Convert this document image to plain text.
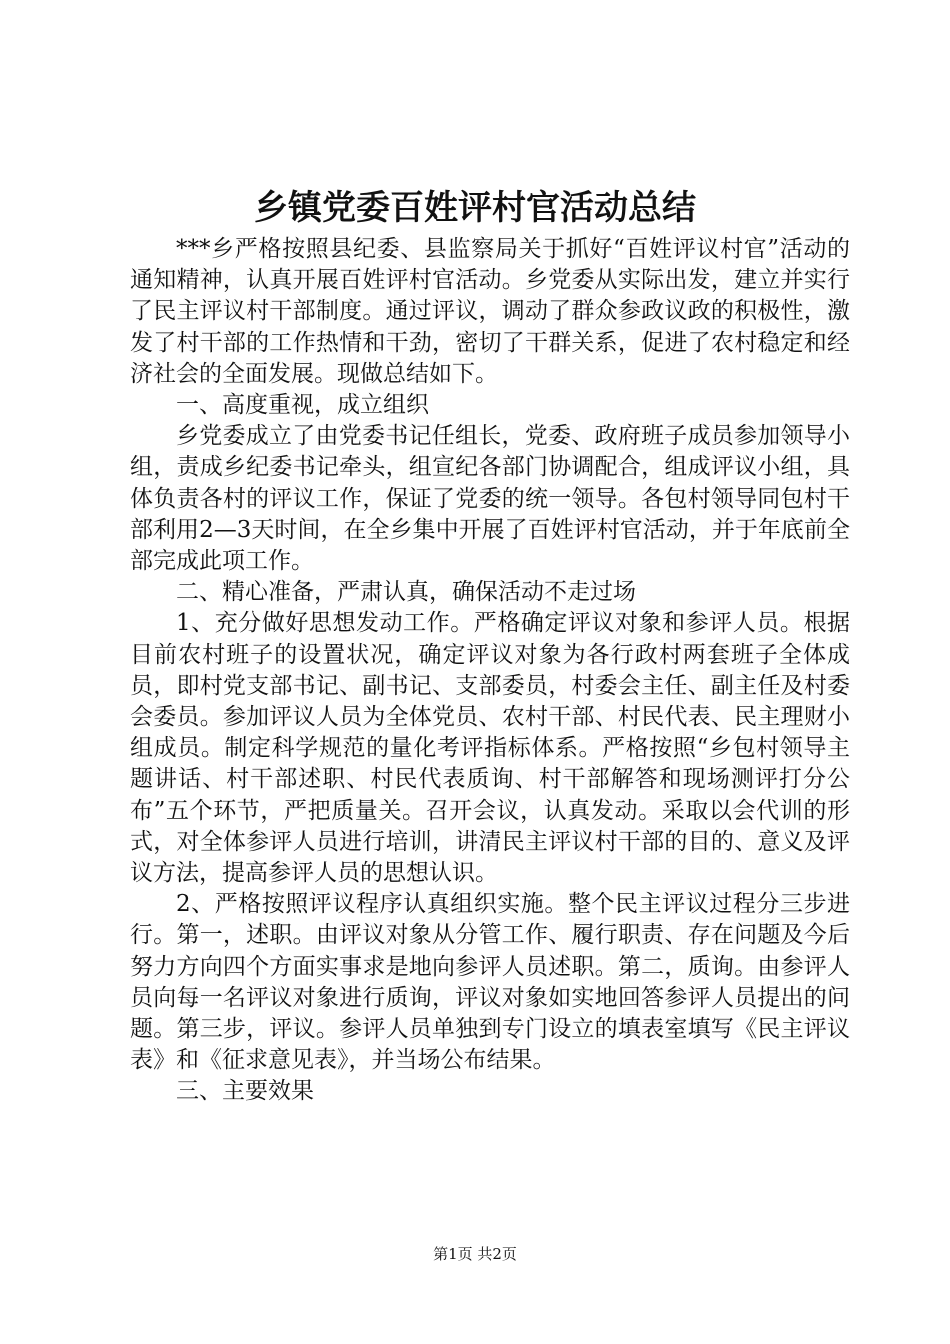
乡镇党委百姓评村官活动总结

***乡严格按照县纪委、县监察局关于抓好“百姓评议村官”活动的通知精神，认真开展百姓评村官活动。乡党委从实际出发，建立并实行了民主评议村干部制度。通过评议，调动了群众参政议政的积极性，激发了村干部的工作热情和干劲，密切了干群关系，促进了农村稳定和经济社会的全面发展。现做总结如下。

一、高度重视，成立组织

乡党委成立了由党委书记任组长，党委、政府班子成员参加领导小组，责成乡纪委书记牵头，组宣纪各部门协调配合，组成评议小组，具体负责各村的评议工作，保证了党委的统一领导。各包村领导同包村干部利用2—3天时间，在全乡集中开展了百姓评村官活动，并于年底前全部完成此项工作。

二、精心准备，严肃认真，确保活动不走过场

1、充分做好思想发动工作。严格确定评议对象和参评人员。根据目前农村班子的设置状况，确定评议对象为各行政村两套班子全体成员，即村党支部书记、副书记、支部委员，村委会主任、副主任及村委会委员。参加评议人员为全体党员、农村干部、村民代表、民主理财小组成员。制定科学规范的量化考评指标体系。严格按照“乡包村领导主题讲话、村干部述职、村民代表质询、村干部解答和现场测评打分公布”五个环节，严把质量关。召开会议，认真发动。采取以会代训的形式，对全体参评人员进行培训，讲清民主评议村干部的目的、意义及评议方法，提高参评人员的思想认识。

2、严格按照评议程序认真组织实施。整个民主评议过程分三步进行。第一，述职。由评议对象从分管工作、履行职责、存在问题及今后努力方向四个方面实事求是地向参评人员述职。第二，质询。由参评人员向每一名评议对象进行质询，评议对象如实地回答参评人员提出的问题。第三步，评议。参评人员单独到专门设立的填表室填写《民主评议表》和《征求意见表》，并当场公布结果。

三、主要效果

第1页 共2页
